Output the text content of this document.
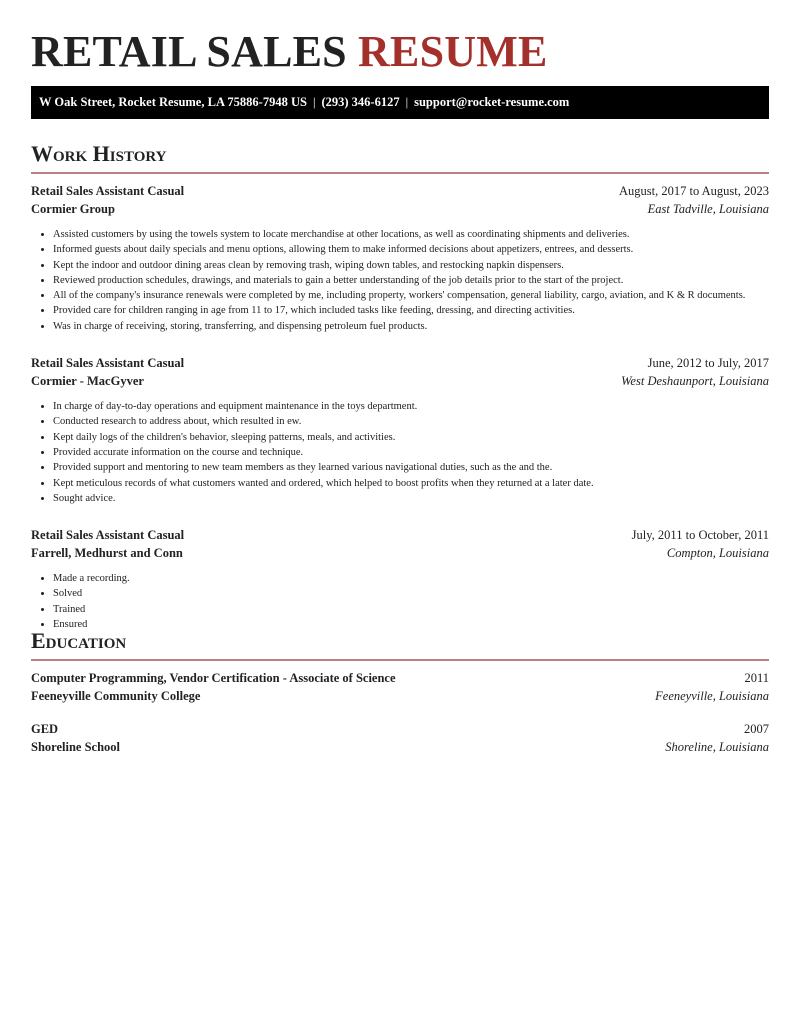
RETAIL SALES RESUME
W Oak Street, Rocket Resume, LA 75886-7948 US | (293) 346-6127 | support@rocket-resume.com
Work History
Retail Sales Assistant Casual	August, 2017 to August, 2023
Cormier Group	East Tadville, Louisiana
• Assisted customers by using the towels system to locate merchandise at other locations, as well as coordinating shipments and deliveries.
• Informed guests about daily specials and menu options, allowing them to make informed decisions about appetizers, entrees, and desserts.
• Kept the indoor and outdoor dining areas clean by removing trash, wiping down tables, and restocking napkin dispensers.
• Reviewed production schedules, drawings, and materials to gain a better understanding of the job details prior to the start of the project.
• All of the company's insurance renewals were completed by me, including property, workers' compensation, general liability, cargo, aviation, and K & R documents.
• Provided care for children ranging in age from 11 to 17, which included tasks like feeding, dressing, and directing activities.
• Was in charge of receiving, storing, transferring, and dispensing petroleum fuel products.
Retail Sales Assistant Casual	June, 2012 to July, 2017
Cormier - MacGyver	West Deshaunport, Louisiana
• In charge of day-to-day operations and equipment maintenance in the toys department.
• Conducted research to address about, which resulted in ew.
• Kept daily logs of the children's behavior, sleeping patterns, meals, and activities.
• Provided accurate information on the course and technique.
• Provided support and mentoring to new team members as they learned various navigational duties, such as the and the.
• Kept meticulous records of what customers wanted and ordered, which helped to boost profits when they returned at a later date.
• Sought advice.
Retail Sales Assistant Casual	July, 2011 to October, 2011
Farrell, Medhurst and Conn	Compton, Louisiana
• Made a recording.
• Solved
• Trained
• Ensured
Education
Computer Programming, Vendor Certification - Associate of Science	2011
Feeneyville Community College	Feeneyville, Louisiana
GED	2007
Shoreline School	Shoreline, Louisiana
